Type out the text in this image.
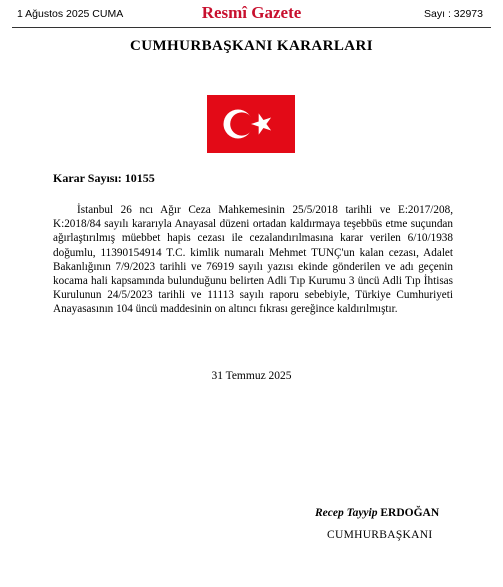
1 Ağustos 2025 CUMA	Resmî Gazete	Sayı : 32973
CUMHURBAŞKANI KARARLARI
Karar Sayısı: 10155

İstanbul 26 ncı Ağır Ceza Mahkemesinin 25/5/2018 tarihli ve E:2017/208, K:2018/84 sayılı kararıyla Anayasal düzeni ortadan kaldırmaya teşebbüs etme suçundan ağırlaştırılmış müebbet hapis cezası ile cezalandırılmasına karar verilen 6/10/1938 doğumlu, 11390154914 T.C. kimlik numaralı Mehmet TUNÇ'un kalan cezası, Adalet Bakanlığının 7/9/2023 tarihli ve 76919 sayılı yazısı ekinde gönderilen ve adı geçenin kocama hali kapsamında bulunduğunu belirten Adli Tıp Kurumu 3 üncü Adli Tıp İhtisas Kurulunun 24/5/2023 tarihli ve 11113 sayılı raporu sebebiyle, Türkiye Cumhuriyeti Anayasasının 104 üncü maddesinin on altıncı fıkrası gereğince kaldırılmıştır.

31 Temmuz 2025
Recep Tayyip ERDOĞAN
CUMHURBAŞKANI
